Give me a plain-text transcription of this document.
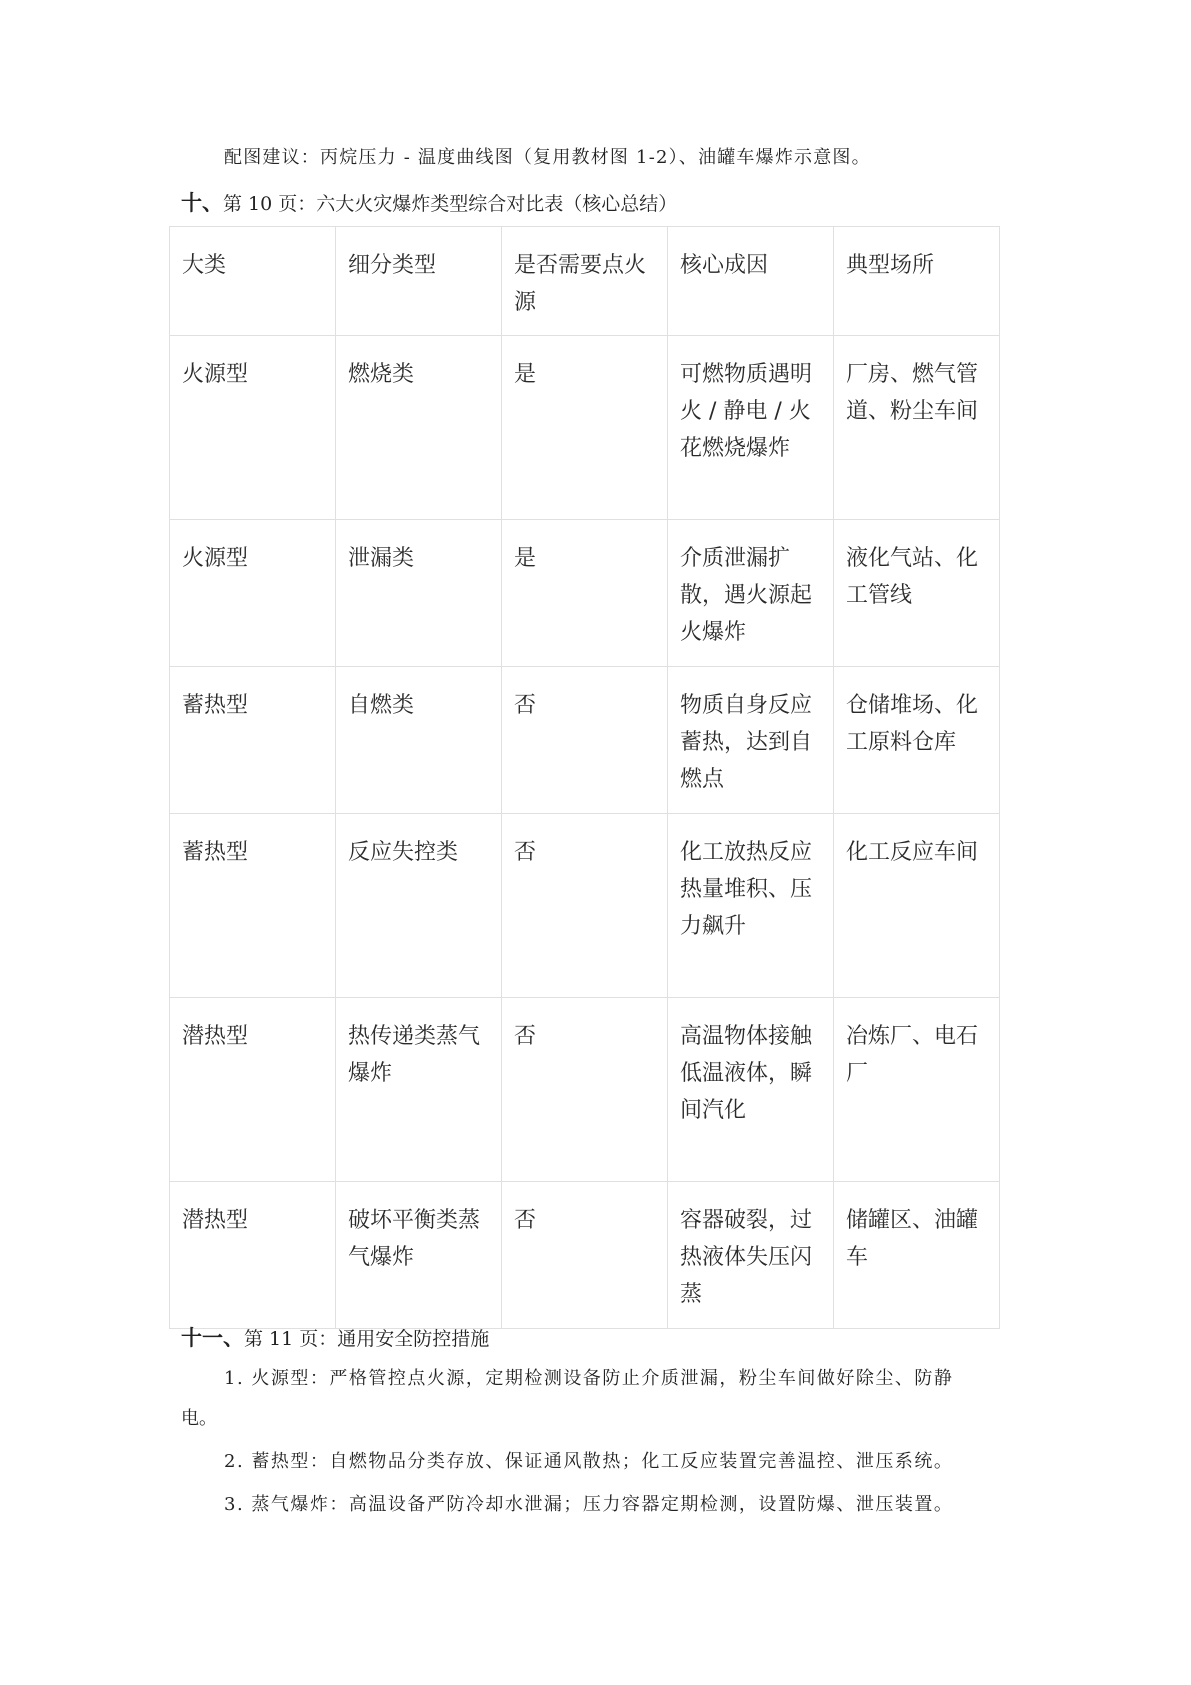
配图建议：丙烷压力 - 温度曲线图（复用教材图 1-2）、油罐车爆炸示意图。
十、第 10 页：六大火灾爆炸类型综合对比表（核心总结）
大类	细分类型	是否需要点火源	核心成因	典型场所
火源型	燃烧类	是	可燃物质遇明火 / 静电 / 火花燃烧爆炸	厂房、燃气管道、粉尘车间
火源型	泄漏类	是	介质泄漏扩散，遇火源起火爆炸	液化气站、化工管线
蓄热型	自燃类	否	物质自身反应蓄热，达到自燃点	仓储堆场、化工原料仓库
蓄热型	反应失控类	否	化工放热反应热量堆积、压力飙升	化工反应车间
潜热型	热传递类蒸气爆炸	否	高温物体接触低温液体，瞬间汽化	冶炼厂、电石厂
潜热型	破坏平衡类蒸气爆炸	否	容器破裂，过热液体失压闪蒸	储罐区、油罐车
十一、第 11 页：通用安全防控措施
1. 火源型：严格管控点火源，定期检测设备防止介质泄漏，粉尘车间做好除尘、防静
电。
2. 蓄热型：自燃物品分类存放、保证通风散热；化工反应装置完善温控、泄压系统。
3. 蒸气爆炸：高温设备严防冷却水泄漏；压力容器定期检测，设置防爆、泄压装置。
